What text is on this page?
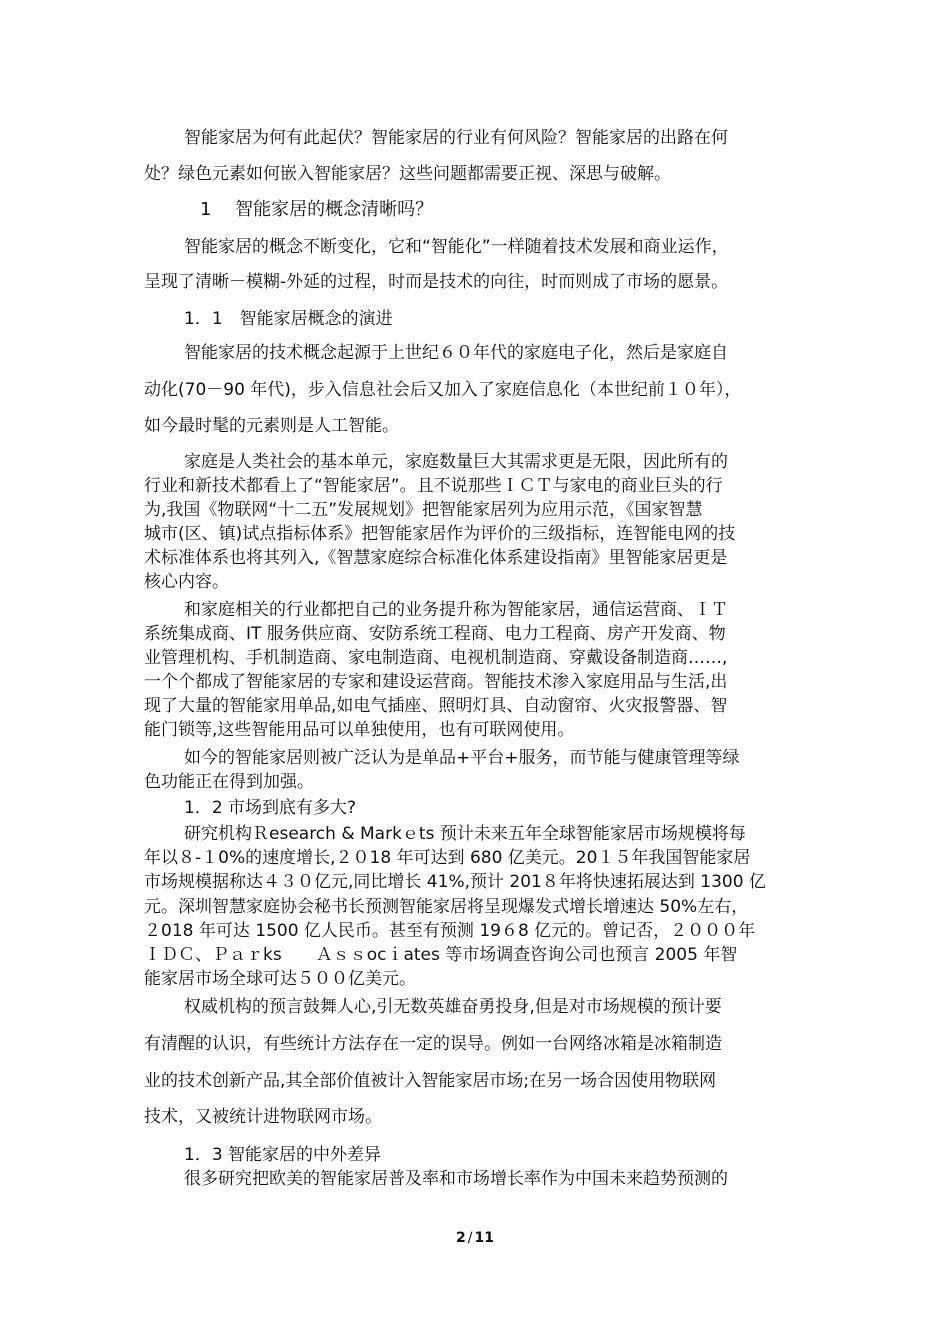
智能家居为何有此起伏？智能家居的行业有何风险？智能家居的出路在何
处？绿色元素如何嵌入智能家居？这些问题都需要正视、深思与破解。
1　 智能家居的概念清晰吗？
智能家居的概念不断变化，它和“智能化”一样随着技术发展和商业运作，
呈现了清晰－模糊-外延的过程，时而是技术的向往，时而则成了市场的愿景。
1．1　智能家居概念的演进
智能家居的技术概念起源于上世纪６０年代的家庭电子化，然后是家庭自
动化(70－90 年代)，步入信息社会后又加入了家庭信息化（本世纪前１０年），
如今最时髦的元素则是人工智能。
家庭是人类社会的基本单元，家庭数量巨大其需求更是无限，因此所有的
行业和新技术都看上了“智能家居”。且不说那些ＩＣＴ与家电的商业巨头的行
为,我国《物联网“十二五”发展规划》把智能家居列为应用示范，《国家智慧
城市(区、镇)试点指标体系》把智能家居作为评价的三级指标，连智能电网的技
术标准体系也将其列入,《智慧家庭综合标准化体系建设指南》里智能家居更是
核心内容。
和家庭相关的行业都把自己的业务提升称为智能家居，通信运营商、ＩＴ
系统集成商、IT 服务供应商、安防系统工程商、电力工程商、房产开发商、物
业管理机构、手机制造商、家电制造商、电视机制造商、穿戴设备制造商……,
一个个都成了智能家居的专家和建设运营商。智能技术渗入家庭用品与生活,出
现了大量的智能家用单品,如电气插座、照明灯具、自动窗帘、火灾报警器、智
能门锁等,这些智能用品可以单独使用，也有可联网使用。
如今的智能家居则被广泛认为是单品+平台+服务，而节能与健康管理等绿
色功能正在得到加强。
1．2 市场到底有多大?
研究机构Ｒesearch & Markｅts 预计未来五年全球智能家居市场规模将每
年以８-１0%的速度增长,２０18 年可达到 680 亿美元。20１５年我国智能家居
市场规模据称达４３０亿元,同比增长 41%,预计 201８年将快速拓展达到 1300 亿
元。深圳智慧家庭协会秘书长预测智能家居将呈现爆发式增长增速达 50%左右，
２018 年可达 1500 亿人民币。甚至有预测 19６8 亿元的。曾记否，２０００年
ＩＤＣ、Ｐａｒks　　Ａｓｓocｉates 等市场调查咨询公司也预言 2005 年智
能家居市场全球可达５００亿美元。
权威机构的预言鼓舞人心,引无数英雄奋勇投身,但是对市场规模的预计要
有清醒的认识，有些统计方法存在一定的误导。例如一台网络冰箱是冰箱制造
业的技术创新产品,其全部价值被计入智能家居市场;在另一场合因使用物联网
技术，又被统计进物联网市场。
1．3 智能家居的中外差异
很多研究把欧美的智能家居普及率和市场增长率作为中国未来趋势预测的
2 / 11
